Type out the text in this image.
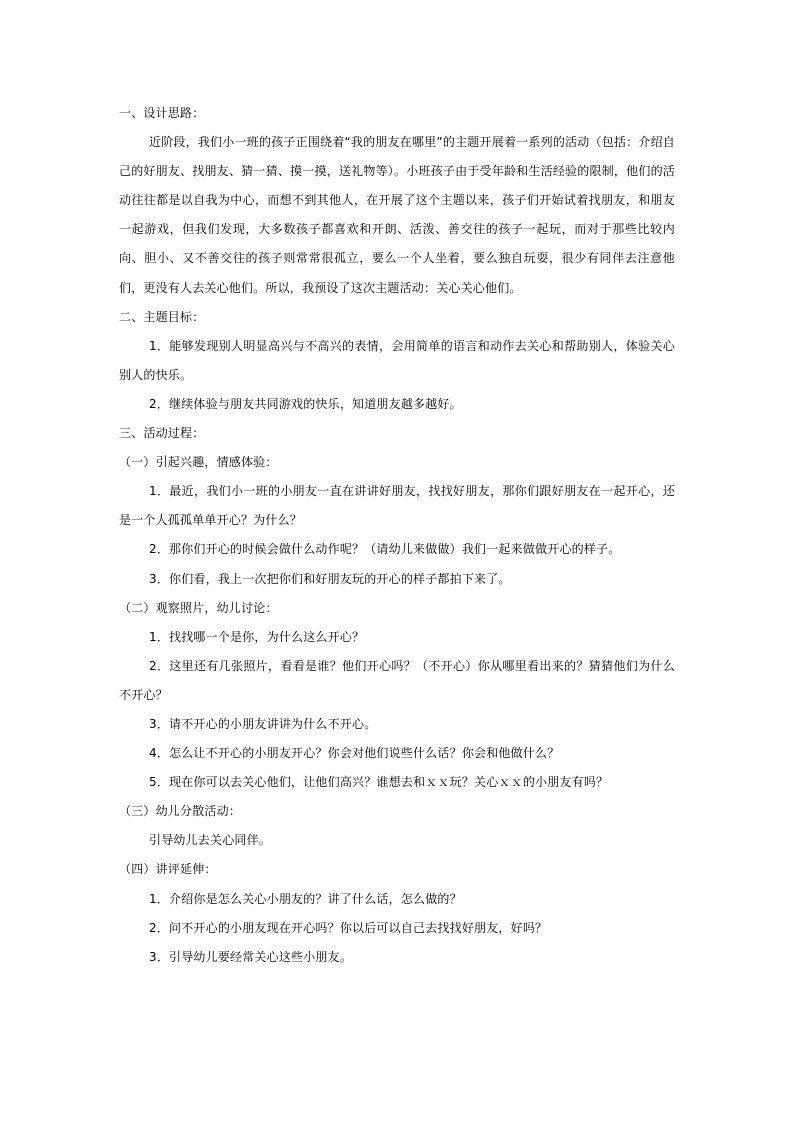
一、设计思路：
近阶段，我们小一班的孩子正围绕着“我的朋友在哪里”的主题开展着一系列的活动（包括：介绍自己的好朋友、找朋友、猜一猜、摸一摸，送礼物等）。小班孩子由于受年龄和生活经验的限制，他们的活动往往都是以自我为中心，而想不到其他人，在开展了这个主题以来，孩子们开始试着找朋友，和朋友一起游戏，但我们发现，大多数孩子都喜欢和开朗、活泼、善交往的孩子一起玩，而对于那些比较内向、胆小、又不善交往的孩子则常常很孤立，要么一个人坐着，要么独自玩耍，很少有同伴去注意他们，更没有人去关心他们。所以，我预设了这次主题活动：关心关心他们。
二、主题目标：
1．能够发现别人明显高兴与不高兴的表情，会用简单的语言和动作去关心和帮助别人，体验关心别人的快乐。
2．继续体验与朋友共同游戏的快乐，知道朋友越多越好。
三、活动过程：
（一）引起兴趣，情感体验：
1．最近，我们小一班的小朋友一直在讲讲好朋友，找找好朋友，那你们跟好朋友在一起开心，还是一个人孤孤单单开心？为什么？
2．那你们开心的时候会做什么动作呢？（请幼儿来做做）我们一起来做做开心的样子。
3．你们看，我上一次把你们和好朋友玩的开心的样子都拍下来了。
（二）观察照片，幼儿讨论：
1．找找哪一个是你，为什么这么开心？
2．这里还有几张照片，看看是谁？他们开心吗？（不开心）你从哪里看出来的？猜猜他们为什么不开心？
3．请不开心的小朋友讲讲为什么不开心。
4．怎么让不开心的小朋友开心？你会对他们说些什么话？你会和他做什么？
5．现在你可以去关心他们，让他们高兴？谁想去和ｘｘ玩？关心ｘｘ的小朋友有吗？
（三）幼儿分散活动：
引导幼儿去关心同伴。
（四）讲评延伸：
1．介绍你是怎么关心小朋友的？讲了什么话，怎么做的？
2．问不开心的小朋友现在开心吗？你以后可以自己去找找好朋友，好吗？
3．引导幼儿要经常关心这些小朋友。
